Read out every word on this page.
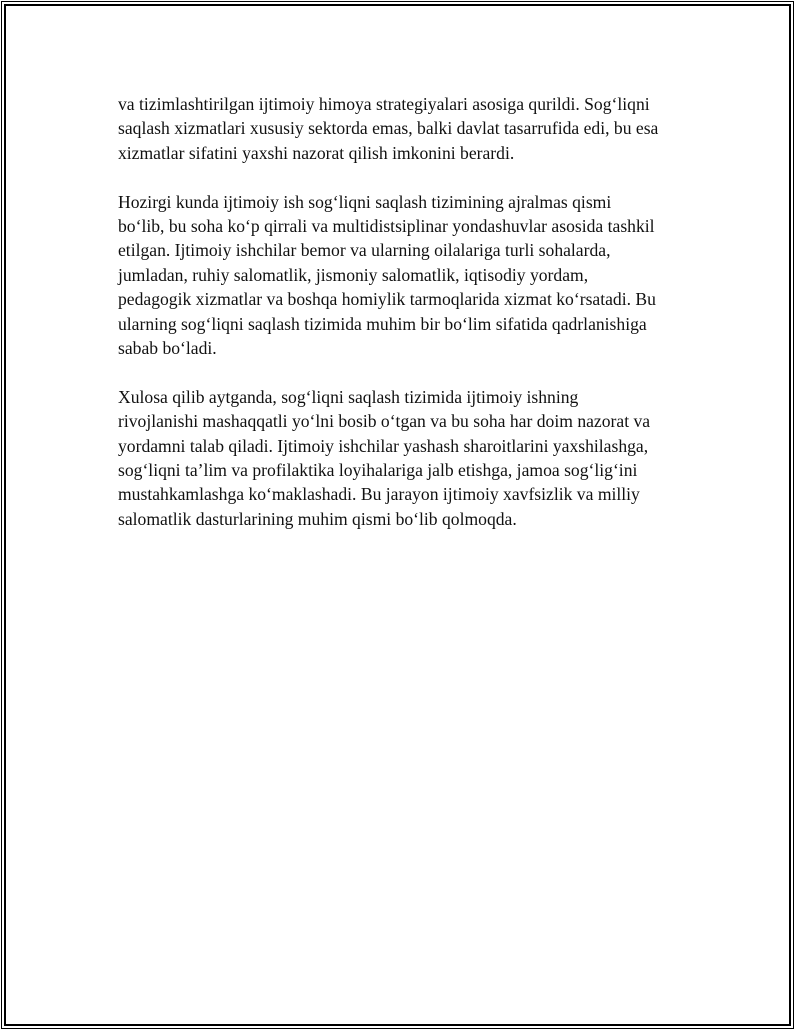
va tizimlashtirilgan ijtimoiy himoya strategiyalari asosiga qurildi. Sog‘liqni
saqlash xizmatlari xususiy sektorda emas, balki davlat tasarrufida edi, bu esa
xizmatlar sifatini yaxshi nazorat qilish imkonini berardi.

Hozirgi kunda ijtimoiy ish sog‘liqni saqlash tizimining ajralmas qismi
bo‘lib, bu soha ko‘p qirrali va multidistsiplinar yondashuvlar asosida tashkil
etilgan. Ijtimoiy ishchilar bemor va ularning oilalariga turli sohalarda,
jumladan, ruhiy salomatlik, jismoniy salomatlik, iqtisodiy yordam,
pedagogik xizmatlar va boshqa homiylik tarmoqlarida xizmat ko‘rsatadi. Bu
ularning sog‘liqni saqlash tizimida muhim bir bo‘lim sifatida qadrlanishiga
sabab bo‘ladi.

Xulosa qilib aytganda, sog‘liqni saqlash tizimida ijtimoiy ishning
rivojlanishi mashaqqatli yo‘lni bosib o‘tgan va bu soha har doim nazorat va
yordamni talab qiladi. Ijtimoiy ishchilar yashash sharoitlarini yaxshilashga,
sog‘liqni ta’lim va profilaktika loyihalariga jalb etishga, jamoa sog‘lig‘ini
mustahkamlashga ko‘maklashadi. Bu jarayon ijtimoiy xavfsizlik va milliy
salomatlik dasturlarining muhim qismi bo‘lib qolmoqda.
